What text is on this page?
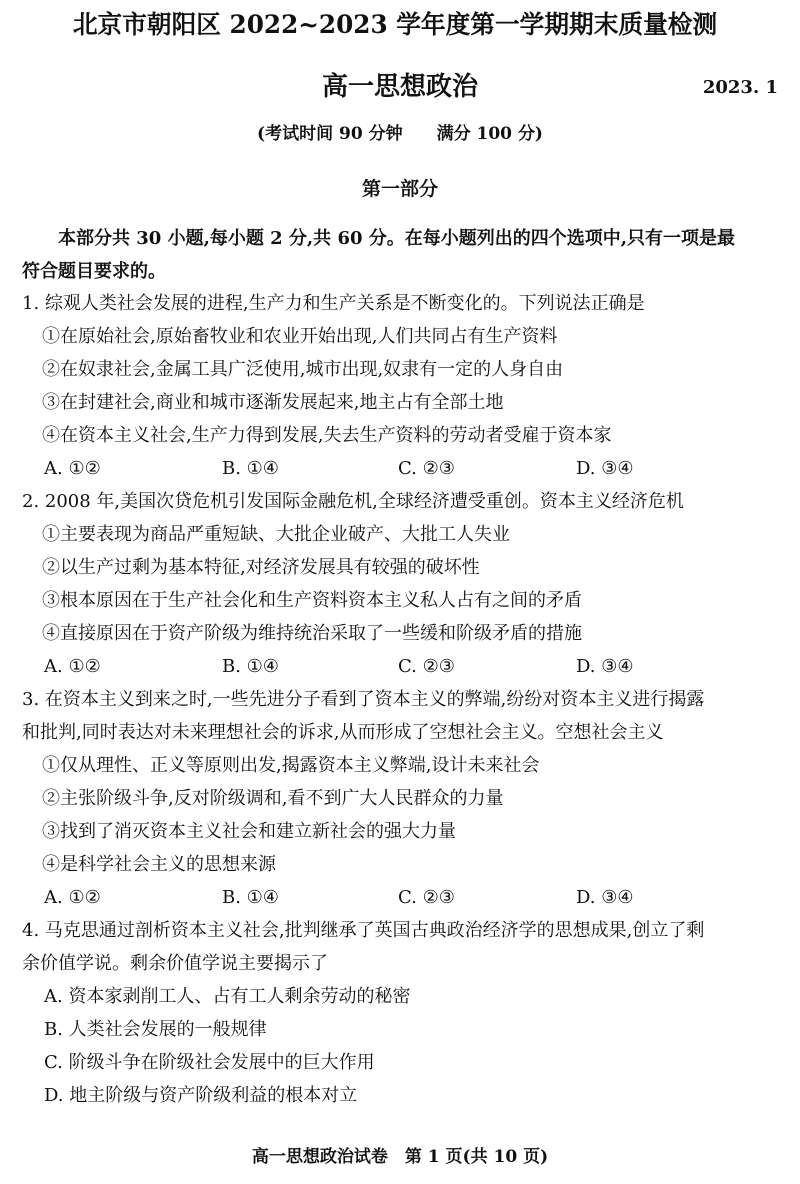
北京市朝阳区 2022~2023 学年度第一学期期末质量检测
高一思想政治	2023. 1
(考试时间 90 分钟　　满分 100 分)
第一部分
　　本部分共 30 小题,每小题 2 分,共 60 分。在每小题列出的四个选项中,只有一项是最
符合题目要求的。
1. 综观人类社会发展的进程,生产力和生产关系是不断变化的。下列说法正确是
①在原始社会,原始畜牧业和农业开始出现,人们共同占有生产资料
②在奴隶社会,金属工具广泛使用,城市出现,奴隶有一定的人身自由
③在封建社会,商业和城市逐渐发展起来,地主占有全部土地
④在资本主义社会,生产力得到发展,失去生产资料的劳动者受雇于资本家
A. ①②	B. ①④	C. ②③	D. ③④
2. 2008 年,美国次贷危机引发国际金融危机,全球经济遭受重创。资本主义经济危机
①主要表现为商品严重短缺、大批企业破产、大批工人失业
②以生产过剩为基本特征,对经济发展具有较强的破坏性
③根本原因在于生产社会化和生产资料资本主义私人占有之间的矛盾
④直接原因在于资产阶级为维持统治采取了一些缓和阶级矛盾的措施
A. ①②	B. ①④	C. ②③	D. ③④
3. 在资本主义到来之时,一些先进分子看到了资本主义的弊端,纷纷对资本主义进行揭露
和批判,同时表达对未来理想社会的诉求,从而形成了空想社会主义。空想社会主义
①仅从理性、正义等原则出发,揭露资本主义弊端,设计未来社会
②主张阶级斗争,反对阶级调和,看不到广大人民群众的力量
③找到了消灭资本主义社会和建立新社会的强大力量
④是科学社会主义的思想来源
A. ①②	B. ①④	C. ②③	D. ③④
4. 马克思通过剖析资本主义社会,批判继承了英国古典政治经济学的思想成果,创立了剩
余价值学说。剩余价值学说主要揭示了
A. 资本家剥削工人、占有工人剩余劳动的秘密
B. 人类社会发展的一般规律
C. 阶级斗争在阶级社会发展中的巨大作用
D. 地主阶级与资产阶级利益的根本对立
高一思想政治试卷　第 1 页(共 10 页)
